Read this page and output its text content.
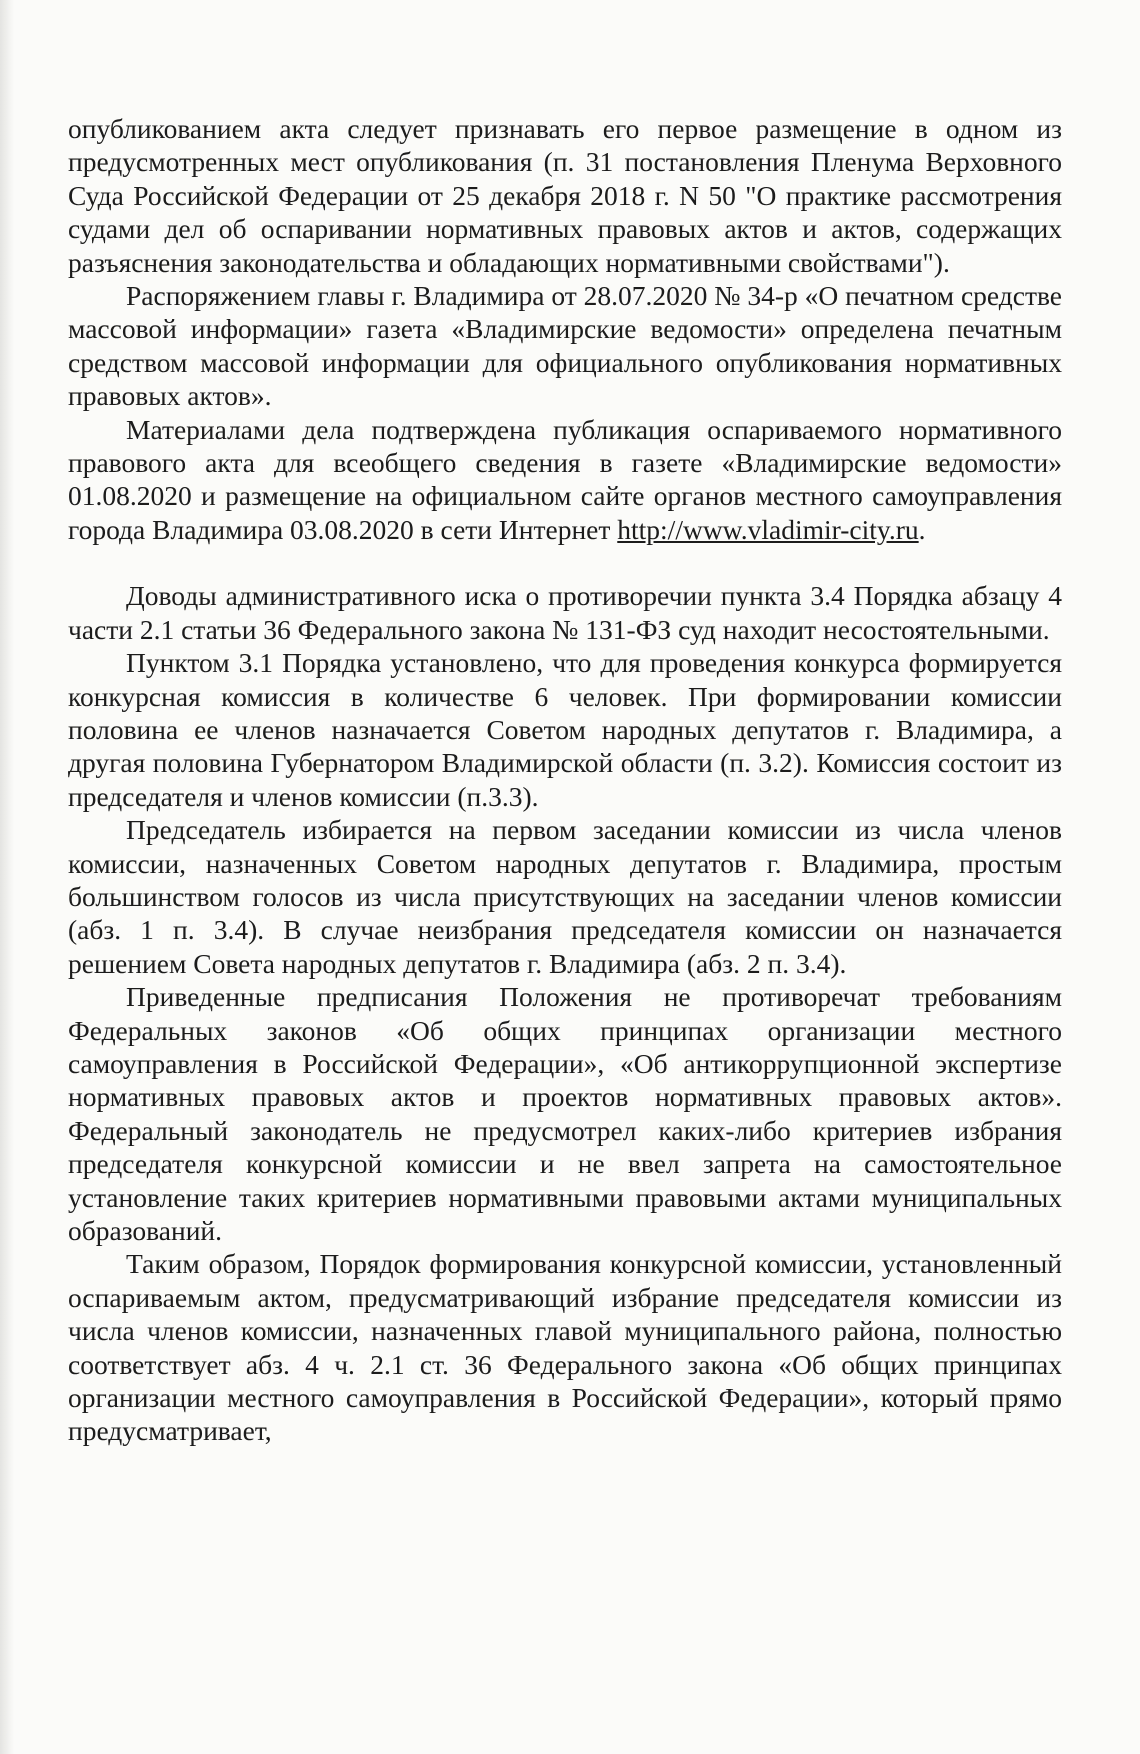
опубликованием акта следует признавать его первое размещение в одном из предусмотренных мест опубликования (п. 31 постановления Пленума Верховного Суда Российской Федерации от 25 декабря 2018 г. N 50 "О практике рассмотрения судами дел об оспаривании нормативных правовых актов и актов, содержащих разъяснения законодательства и обладающих нормативными свойствами").

Распоряжением главы г. Владимира от 28.07.2020 № 34-р «О печатном средстве массовой информации» газета «Владимирские ведомости» определена печатным средством массовой информации для официального опубликования нормативных правовых актов».

Материалами дела подтверждена публикация оспариваемого нормативного правового акта для всеобщего сведения в газете «Владимирские ведомости» 01.08.2020 и размещение на официальном сайте органов местного самоуправления города Владимира 03.08.2020 в сети Интернет http://www.vladimir-city.ru.

Доводы административного иска о противоречии пункта 3.4 Порядка абзацу 4 части 2.1 статьи 36 Федерального закона № 131-ФЗ суд находит несостоятельными.

Пунктом 3.1 Порядка установлено, что для проведения конкурса формируется конкурсная комиссия в количестве 6 человек. При формировании комиссии половина ее членов назначается Советом народных депутатов г. Владимира, а другая половина Губернатором Владимирской области (п. 3.2). Комиссия состоит из председателя и членов комиссии (п.3.3).

Председатель избирается на первом заседании комиссии из числа членов комиссии, назначенных Советом народных депутатов г. Владимира, простым большинством голосов из числа присутствующих на заседании членов комиссии (абз. 1 п. 3.4). В случае неизбрания председателя комиссии он назначается решением Совета народных депутатов г. Владимира (абз. 2 п. 3.4).

Приведенные предписания Положения не противоречат требованиям Федеральных законов «Об общих принципах организации местного самоуправления в Российской Федерации», «Об антикоррупционной экспертизе нормативных правовых актов и проектов нормативных правовых актов». Федеральный законодатель не предусмотрел каких-либо критериев избрания председателя конкурсной комиссии и не ввел запрета на самостоятельное установление таких критериев нормативными правовыми актами муниципальных образований.

Таким образом, Порядок формирования конкурсной комиссии, установленный оспариваемым актом, предусматривающий избрание председателя комиссии из числа членов комиссии, назначенных главой муниципального района, полностью соответствует абз. 4 ч. 2.1 ст. 36 Федерального закона «Об общих принципах организации местного самоуправления в Российской Федерации», который прямо предусматривает,
